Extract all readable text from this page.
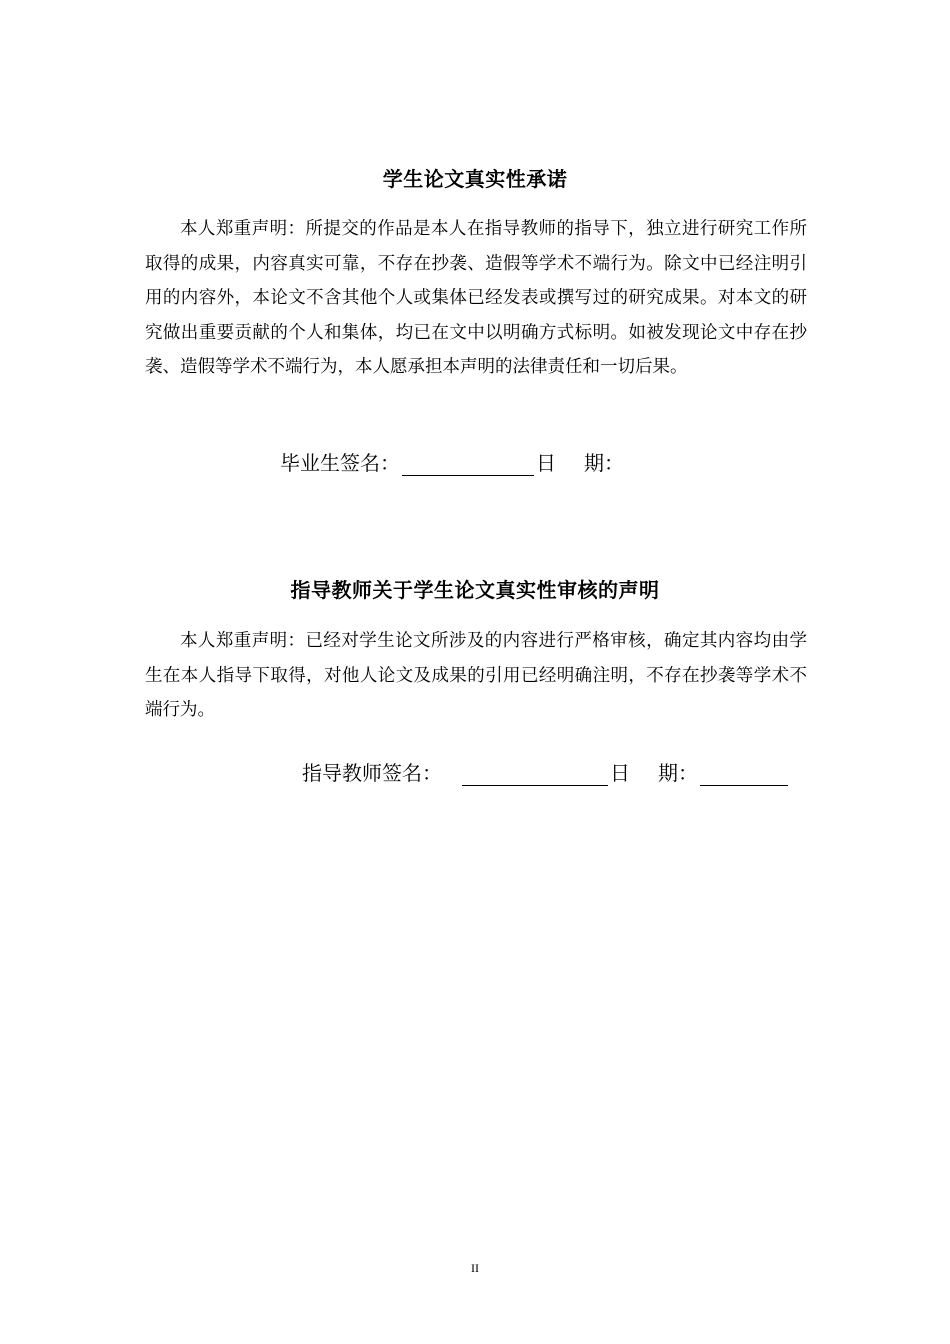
学生论文真实性承诺

本人郑重声明：所提交的作品是本人在指导教师的指导下，独立进行研究工作所取得的成果，内容真实可靠，不存在抄袭、造假等学术不端行为。除文中已经注明引用的内容外，本论文不含其他个人或集体已经发表或撰写过的研究成果。对本文的研究做出重要贡献的个人和集体，均已在文中以明确方式标明。如被发现论文中存在抄袭、造假等学术不端行为，本人愿承担本声明的法律责任和一切后果。

毕业生签名：	日 期：
指导教师关于学生论文真实性审核的声明

本人郑重声明：已经对学生论文所涉及的内容进行严格审核，确定其内容均由学生在本人指导下取得，对他人论文及成果的引用已经明确注明，不存在抄袭等学术不端行为。

指导教师签名：	日 期：
II
